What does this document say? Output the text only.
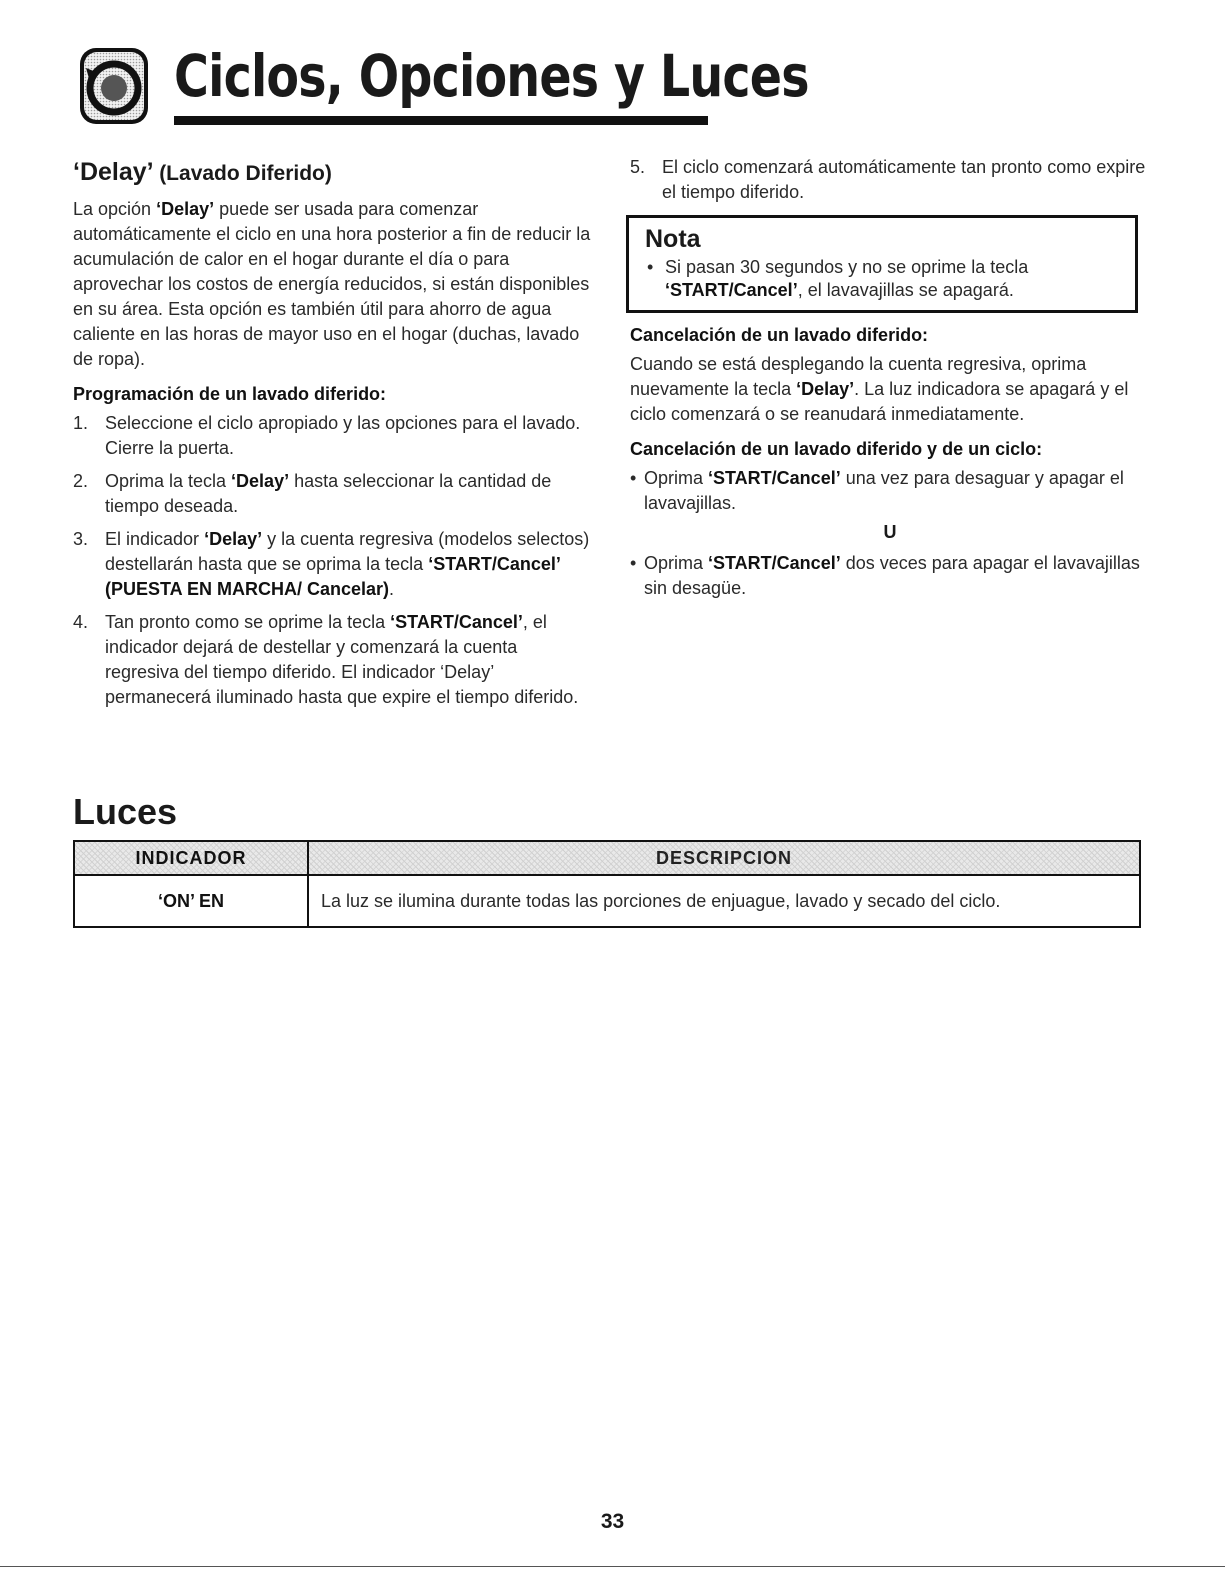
Ciclos, Opciones y Luces
‘Delay’ (Lavado Diferido)

La opción ‘Delay’ puede ser usada para comenzar automáticamente el ciclo en una hora posterior a fin de reducir la acumulación de calor en el hogar durante el día o para aprovechar los costos de energía reducidos, si están disponibles en su área. Esta opción es también útil para ahorro de agua caliente en las horas de mayor uso en el hogar (duchas, lavado de ropa).

Programación de un lavado diferido:
1. Seleccione el ciclo apropiado y las opciones para el lavado. Cierre la puerta.
2. Oprima la tecla ‘Delay’ hasta seleccionar la cantidad de tiempo deseada.
3. El indicador ‘Delay’ y la cuenta regresiva (modelos selectos) destellarán hasta que se oprima la tecla ‘START/Cancel’ (PUESTA EN MARCHA/ Cancelar).
4. Tan pronto como se oprime la tecla ‘START/Cancel’, el indicador dejará de destellar y comenzará la cuenta regresiva del tiempo diferido. El indicador ‘Delay’ permanecerá iluminado hasta que expire el tiempo diferido.
5. El ciclo comenzará automáticamente tan pronto como expire el tiempo diferido.
Nota
• Si pasan 30 segundos y no se oprime la tecla ‘START/Cancel’, el lavavajillas se apagará.
Cancelación de un lavado diferido:

Cuando se está desplegando la cuenta regresiva, oprima nuevamente la tecla ‘Delay’. La luz indicadora se apagará y el ciclo comenzará o se reanudará inmediatamente.

Cancelación de un lavado diferido y de un ciclo:
• Oprima ‘START/Cancel’ una vez para desaguar y apagar el lavavajillas.
U
• Oprima ‘START/Cancel’ dos veces para apagar el lavavajillas sin desagüe.
Luces
INDICADOR	DESCRIPCION
‘ON’ EN	La luz se ilumina durante todas las porciones de enjuague, lavado y secado del ciclo.
33
